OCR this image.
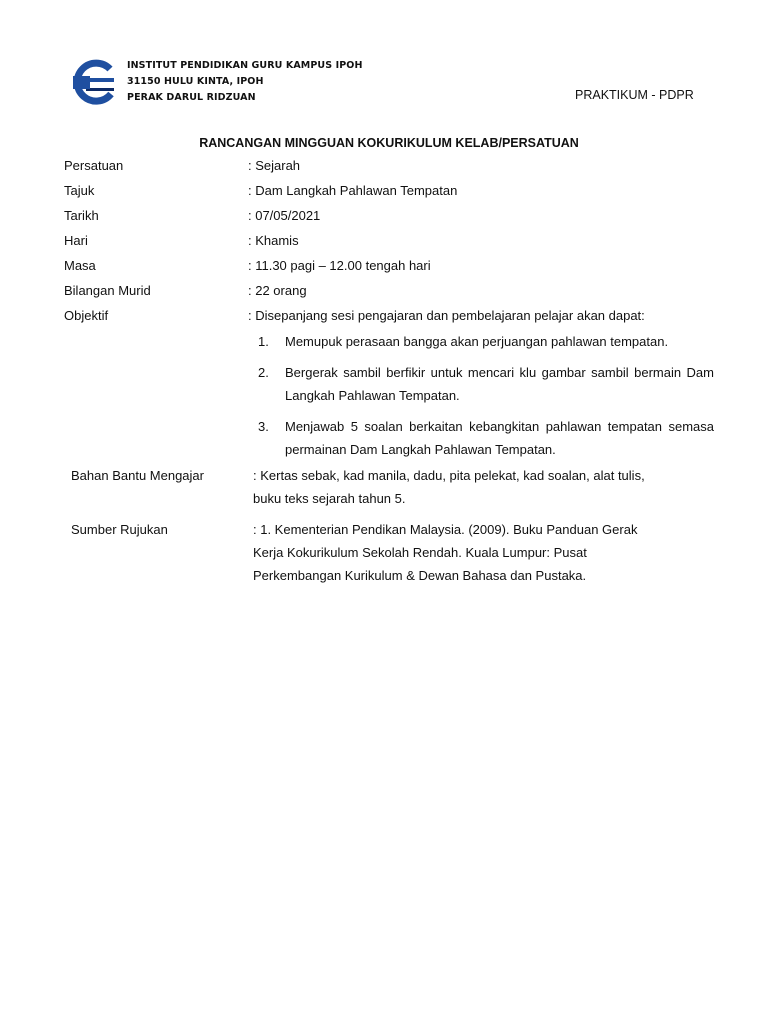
INSTITUT PENDIDIKAN GURU KAMPUS IPOH
31150 HULU KINTA, IPOH
PERAK DARUL RIDZUAN	PRAKTIKUM - PDPR
RANCANGAN MINGGUAN KOKURIKULUM KELAB/PERSATUAN
Persatuan	: Sejarah
Tajuk	: Dam Langkah Pahlawan Tempatan
Tarikh	: 07/05/2021
Hari	: Khamis
Masa	: 11.30 pagi – 12.00 tengah hari
Bilangan Murid	: 22 orang
Objektif	: Disepanjang sesi pengajaran dan pembelajaran pelajar akan dapat:
1.	Memupuk perasaan bangga akan perjuangan pahlawan tempatan.
2.	Bergerak sambil berfikir untuk mencari klu gambar sambil bermain Dam Langkah Pahlawan Tempatan.
3.	Menjawab 5 soalan berkaitan kebangkitan pahlawan tempatan semasa permainan Dam Langkah Pahlawan Tempatan.
Bahan Bantu Mengajar	: Kertas sebak, kad manila, dadu, pita pelekat, kad soalan, alat tulis,
buku teks sejarah tahun 5.
Sumber Rujukan	: 1. Kementerian Pendikan Malaysia. (2009). Buku Panduan Gerak
Kerja Kokurikulum Sekolah Rendah. Kuala Lumpur: Pusat
Perkembangan Kurikulum & Dewan Bahasa dan Pustaka.
